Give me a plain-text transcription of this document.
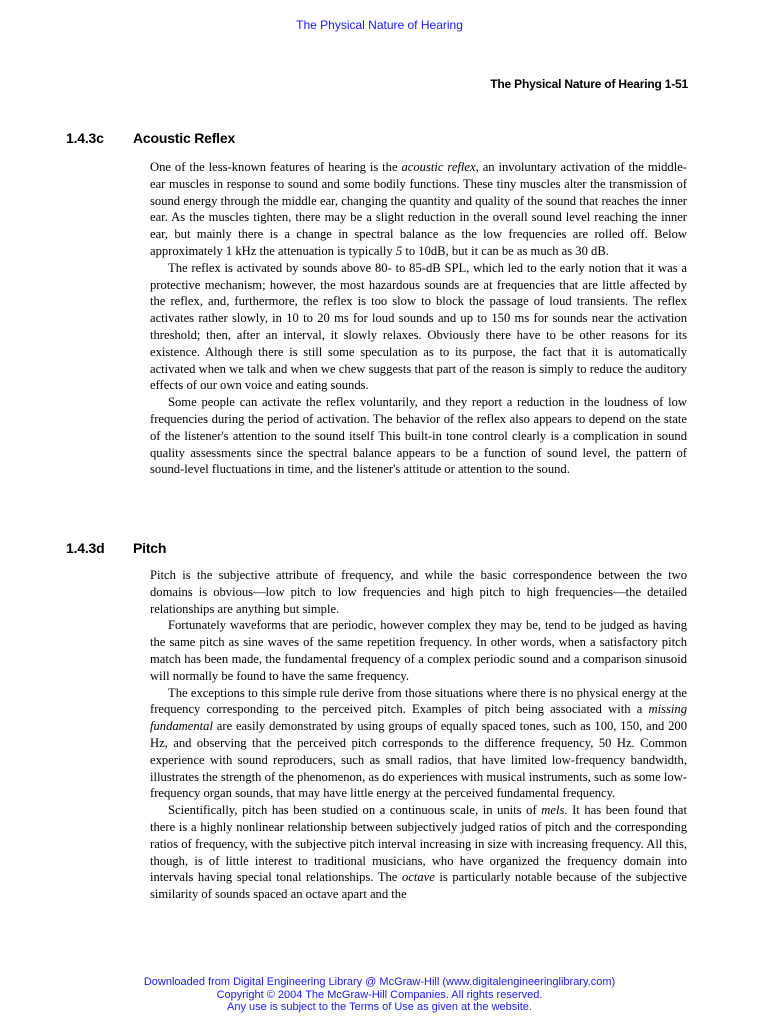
The Physical Nature of Hearing
The Physical Nature of Hearing 1-51
1.4.3c Acoustic Reflex

One of the less-known features of hearing is the acoustic reflex, an involuntary activation of the middle-ear muscles in response to sound and some bodily functions. These tiny muscles alter the transmission of sound energy through the middle ear, changing the quantity and quality of the sound that reaches the inner ear. As the muscles tighten, there may be a slight reduction in the overall sound level reaching the inner ear, but mainly there is a change in spectral balance as the low frequencies are rolled off. Below approximately 1 kHz the attenuation is typically 5 to 10dB, but it can be as much as 30 dB.

The reflex is activated by sounds above 80- to 85-dB SPL, which led to the early notion that it was a protective mechanism; however, the most hazardous sounds are at frequencies that are little affected by the reflex, and, furthermore, the reflex is too slow to block the passage of loud transients. The reflex activates rather slowly, in 10 to 20 ms for loud sounds and up to 150 ms for sounds near the activation threshold; then, after an interval, it slowly relaxes. Obviously there have to be other reasons for its existence. Although there is still some speculation as to its purpose, the fact that it is automatically activated when we talk and when we chew suggests that part of the reason is simply to reduce the auditory effects of our own voice and eating sounds.

Some people can activate the reflex voluntarily, and they report a reduction in the loudness of low frequencies during the period of activation. The behavior of the reflex also appears to depend on the state of the listener's attention to the sound itself This built-in tone control clearly is a complication in sound quality assessments since the spectral balance appears to be a function of sound level, the pattern of sound-level fluctuations in time, and the listener's attitude or attention to the sound.

1.4.3d Pitch

Pitch is the subjective attribute of frequency, and while the basic correspondence between the two domains is obvious—low pitch to low frequencies and high pitch to high frequencies—the detailed relationships are anything but simple.

Fortunately waveforms that are periodic, however complex they may be, tend to be judged as having the same pitch as sine waves of the same repetition frequency. In other words, when a satisfactory pitch match has been made, the fundamental frequency of a complex periodic sound and a comparison sinusoid will normally be found to have the same frequency.

The exceptions to this simple rule derive from those situations where there is no physical energy at the frequency corresponding to the perceived pitch. Examples of pitch being associated with a missing fundamental are easily demonstrated by using groups of equally spaced tones, such as 100, 150, and 200 Hz, and observing that the perceived pitch corresponds to the difference frequency, 50 Hz. Common experience with sound reproducers, such as small radios, that have limited low-frequency bandwidth, illustrates the strength of the phenomenon, as do experiences with musical instruments, such as some low-frequency organ sounds, that may have little energy at the perceived fundamental frequency.

Scientifically, pitch has been studied on a continuous scale, in units of mels. It has been found that there is a highly nonlinear relationship between subjectively judged ratios of pitch and the corresponding ratios of frequency, with the subjective pitch interval increasing in size with increasing frequency. All this, though, is of little interest to traditional musicians, who have organized the frequency domain into intervals having special tonal relationships. The octave is particularly notable because of the subjective similarity of sounds spaced an octave apart and the

Downloaded from Digital Engineering Library @ McGraw-Hill (www.digitalengineeringlibrary.com)
Copyright © 2004 The McGraw-Hill Companies. All rights reserved.
Any use is subject to the Terms of Use as given at the website.
